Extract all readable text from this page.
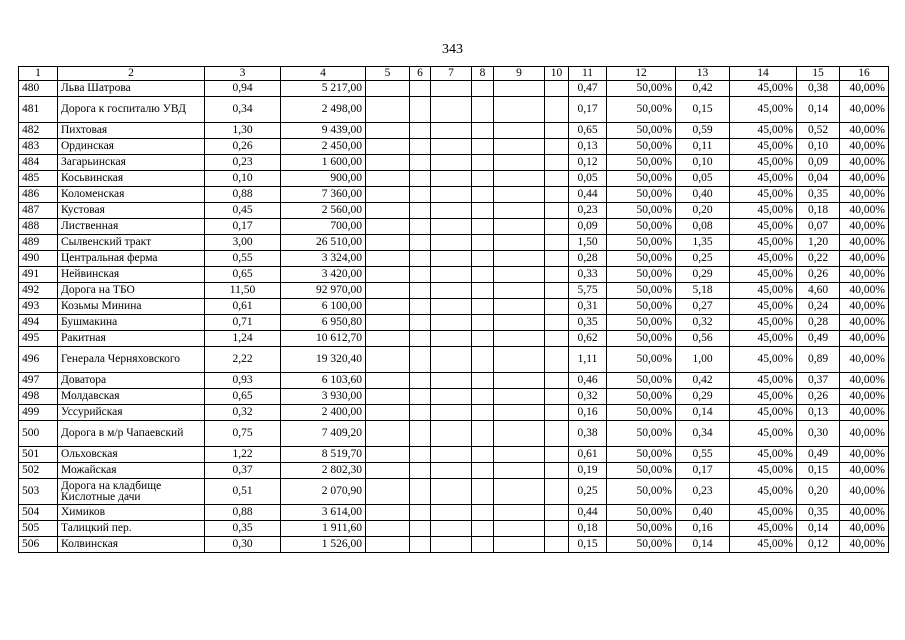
343
1	2	3	4	5	6	7	8	9	10	11	12	13	14	15	16
480	Льва Шатрова	0,94	5 217,00							0,47	50,00%	0,42	45,00%	0,38	40,00%
481	Дорога к госпиталю УВД	0,34	2 498,00							0,17	50,00%	0,15	45,00%	0,14	40,00%
482	Пихтовая	1,30	9 439,00							0,65	50,00%	0,59	45,00%	0,52	40,00%
483	Ординская	0,26	2 450,00							0,13	50,00%	0,11	45,00%	0,10	40,00%
484	Загарьинская	0,23	1 600,00							0,12	50,00%	0,10	45,00%	0,09	40,00%
485	Косьвинская	0,10	900,00							0,05	50,00%	0,05	45,00%	0,04	40,00%
486	Коломенская	0,88	7 360,00							0,44	50,00%	0,40	45,00%	0,35	40,00%
487	Кустовая	0,45	2 560,00							0,23	50,00%	0,20	45,00%	0,18	40,00%
488	Лиственная	0,17	700,00							0,09	50,00%	0,08	45,00%	0,07	40,00%
489	Сылвенский тракт	3,00	26 510,00							1,50	50,00%	1,35	45,00%	1,20	40,00%
490	Центральная ферма	0,55	3 324,00							0,28	50,00%	0,25	45,00%	0,22	40,00%
491	Нейвинская	0,65	3 420,00							0,33	50,00%	0,29	45,00%	0,26	40,00%
492	Дорога на ТБО	11,50	92 970,00							5,75	50,00%	5,18	45,00%	4,60	40,00%
493	Козьмы Минина	0,61	6 100,00							0,31	50,00%	0,27	45,00%	0,24	40,00%
494	Бушмакина	0,71	6 950,80							0,35	50,00%	0,32	45,00%	0,28	40,00%
495	Ракитная	1,24	10 612,70							0,62	50,00%	0,56	45,00%	0,49	40,00%
496	Генерала Черняховского	2,22	19 320,40							1,11	50,00%	1,00	45,00%	0,89	40,00%
497	Доватора	0,93	6 103,60							0,46	50,00%	0,42	45,00%	0,37	40,00%
498	Молдавская	0,65	3 930,00							0,32	50,00%	0,29	45,00%	0,26	40,00%
499	Уссурийская	0,32	2 400,00							0,16	50,00%	0,14	45,00%	0,13	40,00%
500	Дорога в м/р Чапаевский	0,75	7 409,20							0,38	50,00%	0,34	45,00%	0,30	40,00%
501	Ольховская	1,22	8 519,70							0,61	50,00%	0,55	45,00%	0,49	40,00%
502	Можайская	0,37	2 802,30							0,19	50,00%	0,17	45,00%	0,15	40,00%
503	Дорога на кладбище Кислотные дачи	0,51	2 070,90							0,25	50,00%	0,23	45,00%	0,20	40,00%
504	Химиков	0,88	3 614,00							0,44	50,00%	0,40	45,00%	0,35	40,00%
505	Талицкий пер.	0,35	1 911,60							0,18	50,00%	0,16	45,00%	0,14	40,00%
506	Колвинская	0,30	1 526,00							0,15	50,00%	0,14	45,00%	0,12	40,00%
